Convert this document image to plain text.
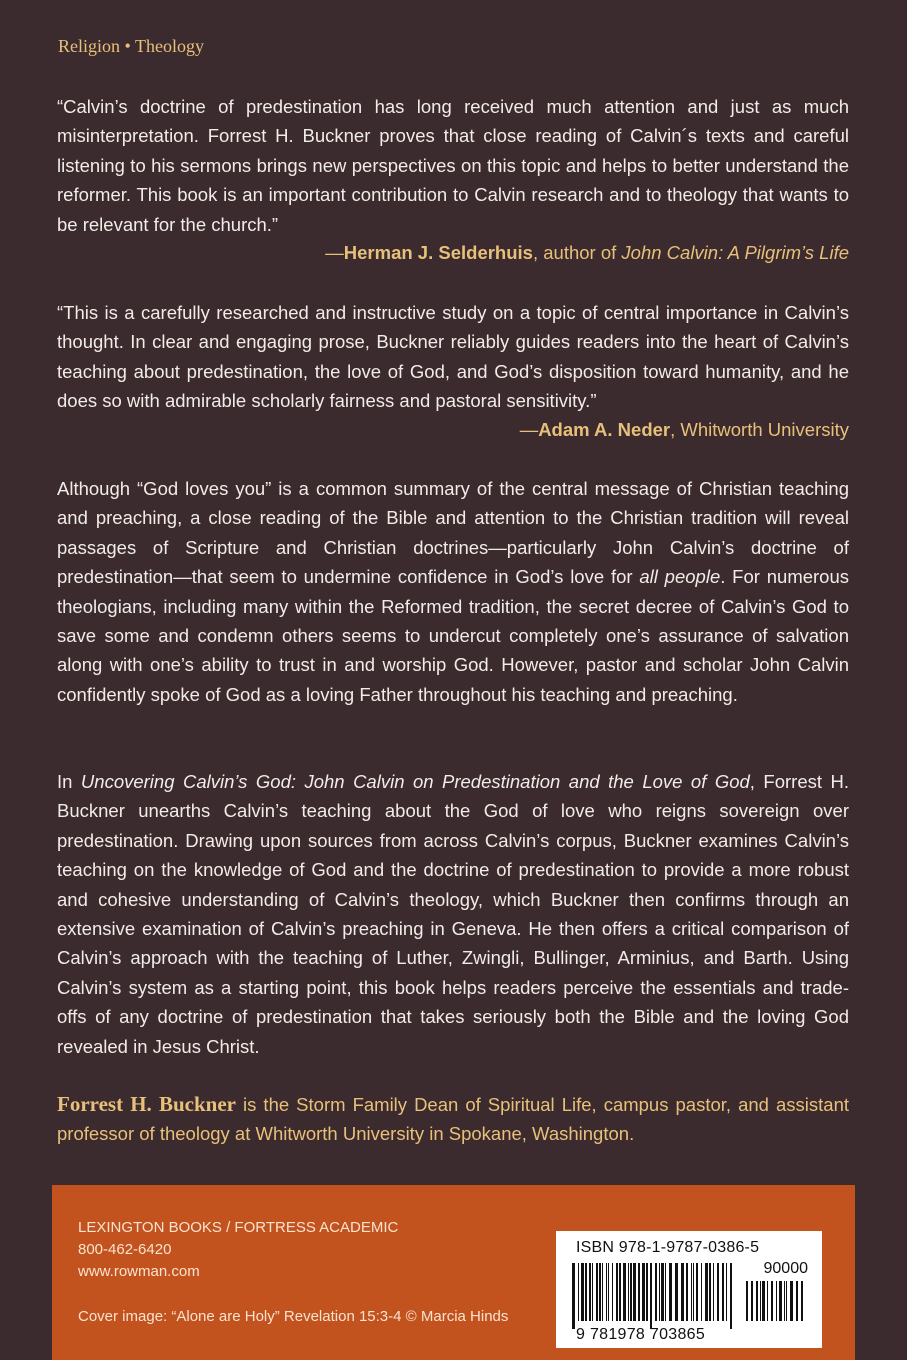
Religion • Theology

“Calvin’s doctrine of predestination has long received much attention and just as much misinterpretation. Forrest H. Buckner proves that close reading of Calvin´s texts and careful listening to his sermons brings new perspectives on this topic and helps to better understand the reformer. This book is an important contribution to Calvin research and to theology that wants to be relevant for the church.”

—Herman J. Selderhuis, author of John Calvin: A Pilgrim’s Life

“This is a carefully researched and instructive study on a topic of central importance in Calvin’s thought. In clear and engaging prose, Buckner reliably guides readers into the heart of Calvin’s teaching about predestination, the love of God, and God’s disposition toward humanity, and he does so with admirable scholarly fairness and pastoral sensitivity.”

—Adam A. Neder, Whitworth University

Although “God loves you” is a common summary of the central message of Christian teaching and preaching, a close reading of the Bible and attention to the Christian tradition will reveal passages of Scripture and Christian doctrines—particularly John Calvin’s doctrine of predestination—that seem to undermine confidence in God’s love for all people. For numerous theologians, including many within the Reformed tradition, the secret decree of Calvin’s God to save some and condemn others seems to undercut completely one’s assurance of salvation along with one’s ability to trust in and worship God. However, pastor and scholar John Calvin confidently spoke of God as a loving Father throughout his teaching and preaching.

In Uncovering Calvin’s God: John Calvin on Predestination and the Love of God, Forrest H. Buckner unearths Calvin’s teaching about the God of love who reigns sovereign over predestination. Drawing upon sources from across Calvin’s corpus, Buckner examines Calvin’s teaching on the knowledge of God and the doctrine of predestination to provide a more robust and cohesive understanding of Calvin’s theology, which Buckner then confirms through an extensive examination of Calvin’s preaching in Geneva. He then offers a critical comparison of Calvin’s approach with the teaching of Luther, Zwingli, Bullinger, Arminius, and Barth. Using Calvin’s system as a starting point, this book helps readers perceive the essentials and trade-offs of any doctrine of predestination that takes seriously both the Bible and the loving God revealed in Jesus Christ.

Forrest H. Buckner is the Storm Family Dean of Spiritual Life, campus pastor, and assistant professor of theology at Whitworth University in Spokane, Washington.

LEXINGTON BOOKS / FORTRESS ACADEMIC
800-462-6420
www.rowman.com
Cover image: “Alone are Holy” Revelation 15:3-4 © Marcia Hinds
ISBN 978-1-9787-0386-5
90000
9 781978 703865
